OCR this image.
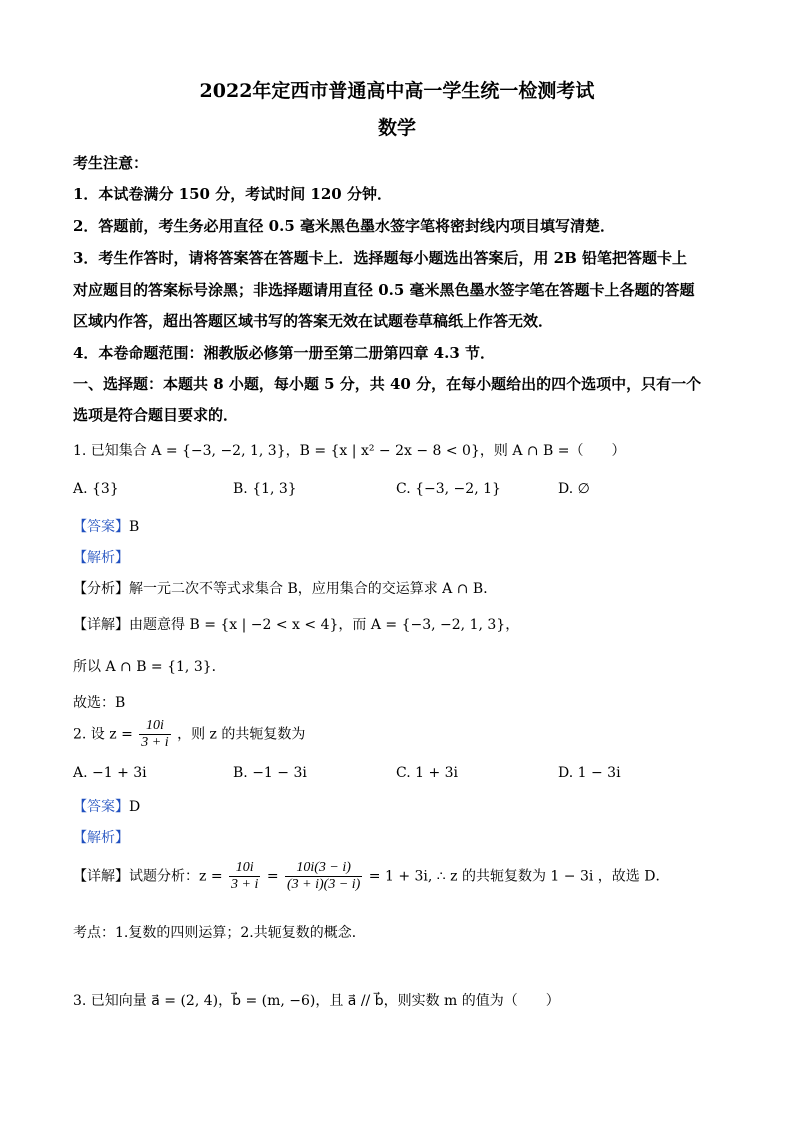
2022年定西市普通高中高一学生统一检测考试
数学
考生注意：
1．本试卷满分 150 分，考试时间 120 分钟．
2．答题前，考生务必用直径 0.5 毫米黑色墨水签字笔将密封线内项目填写清楚．
3．考生作答时，请将答案答在答题卡上．选择题每小题选出答案后，用 2B 铅笔把答题卡上
对应题目的答案标号涂黑；非选择题请用直径 0.5 毫米黑色墨水签字笔在答题卡上各题的答题
区域内作答，超出答题区域书写的答案无效在试题卷草稿纸上作答无效．
4．本卷命题范围：湘教版必修第一册至第二册第四章 4.3 节．
一、选择题：本题共 8 小题，每小题 5 分，共 40 分，在每小题给出的四个选项中，只有一个
选项是符合题目要求的．
1. 已知集合 A = {−3, −2, 1, 3}，B = {x | x² − 2x − 8 < 0}，则 A ∩ B =（　　）
A. {3}	B. {1, 3}	C. {−3, −2, 1}	D. ∅
【答案】B
【解析】
【分析】解一元二次不等式求集合 B，应用集合的交运算求 A ∩ B．
【详解】由题意得 B = {x | −2 < x < 4}，而 A = {−3, −2, 1, 3}，
所以 A ∩ B = {1, 3}．
故选：B
2. 设 $z = \frac{10i}{3 + i}$ ，则 z 的共轭复数为
A. −1 + 3i	B. −1 − 3i	C. 1 + 3i	D. 1 − 3i
【答案】D
【解析】
【详解】试题分析：$z = \frac{10i}{3 + i} = \frac{10i(3 - i)}{(3 + i)(3 - i)} = 1 + 3i$, ∴ z 的共轭复数为 1 − 3i ，故选 D．
考点：1.复数的四则运算；2.共轭复数的概念．
3. 已知向量 a⃗ = (2, 4)，b⃗ = (m, −6)，且 a⃗ // b⃗，则实数 m 的值为（　　）
